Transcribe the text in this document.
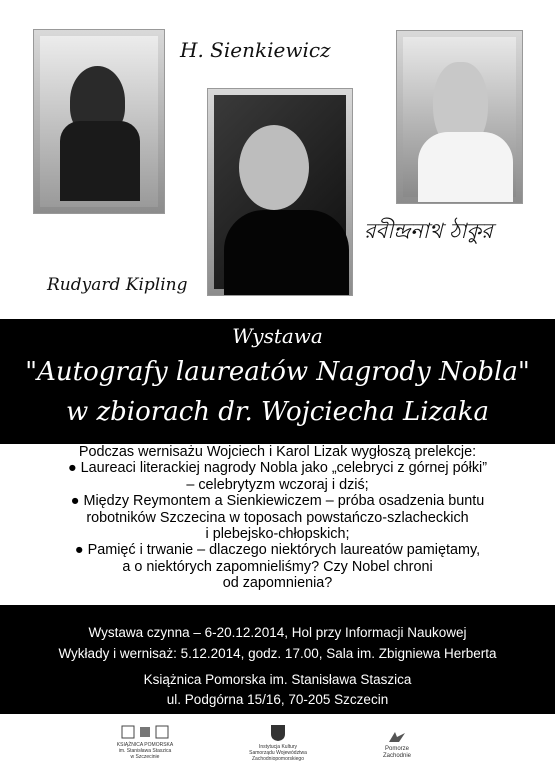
H. Sienkiewicz
Rudyard Kipling
রবীন্দ্রনাথ ঠাকুর
Wystawa
"Autografy laureatów Nagrody Nobla"
w zbiorach dr. Wojciecha Lizaka

Podczas wernisażu Wojciech i Karol Lizak wygłoszą prelekcje:

● Laureaci literackiej nagrody Nobla jako „celebryci z górnej półki”

– celebrytyzm wczoraj i dziś;

● Między Reymontem a Sienkiewiczem – próba osadzenia buntu

robotników Szczecina w toposach powstańczo-szlacheckich

i plebejsko-chłopskich;

● Pamięć i trwanie – dlaczego niektórych laureatów pamiętamy,

a o niektórych zapomnieliśmy? Czy Nobel chroni

od zapomnienia?

Wystawa czynna – 6-20.12.2014, Hol przy Informacji Naukowej
Wykłady i wernisaż: 5.12.2014, godz. 17.00, Sala im. Zbigniewa Herberta
Książnica Pomorska im. Stanisława Staszica
ul. Podgórna 15/16, 70-205 Szczecin
KSIĄŻNICA POMORSKA
im. Stanisława Staszica
w Szczecinie
Instytucja Kultury
Samorządu Województwa
Zachodniopomorskiego
Pomorze
Zachodnie
